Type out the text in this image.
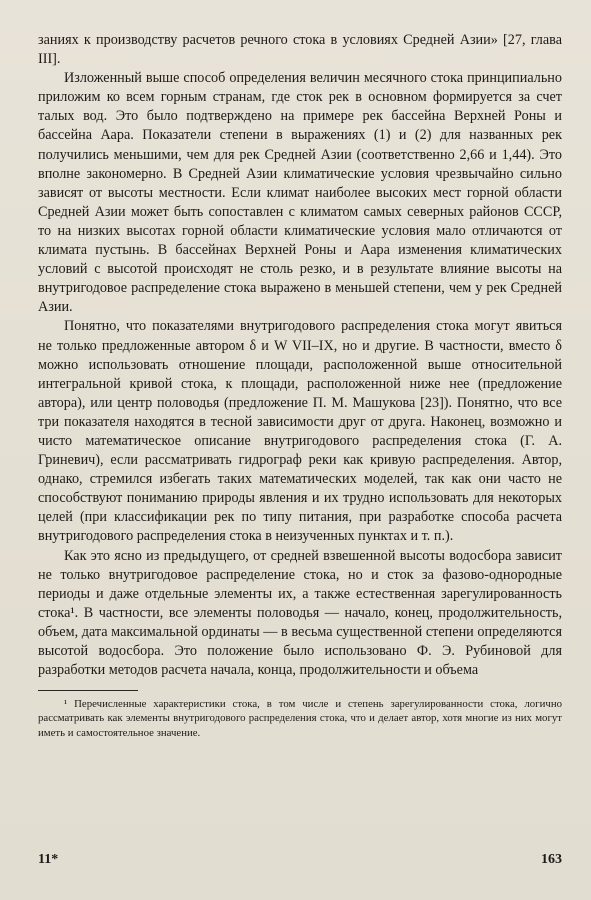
заниях к производству расчетов речного стока в условиях Средней Азии» [27, глава III].

Изложенный выше способ определения величин месячного стока принципиально приложим ко всем горным странам, где сток рек в основном формируется за счет талых вод. Это было подтверждено на примере рек бассейна Верхней Роны и бассейна Аара. Показатели степени в выражениях (1) и (2) для названных рек получились меньшими, чем для рек Средней Азии (соответственно 2,66 и 1,44). Это вполне закономерно. В Средней Азии климатические условия чрезвычайно сильно зависят от высоты местности. Если климат наиболее высоких мест горной области Средней Азии может быть сопоставлен с климатом самых северных районов СССР, то на низких высотах горной области климатические условия мало отличаются от климата пустынь. В бассейнах Верхней Роны и Аара изменения климатических условий с высотой происходят не столь резко, и в результате влияние высоты на внутригодовое распределение стока выражено в меньшей степени, чем у рек Средней Азии.

Понятно, что показателями внутригодового распределения стока могут явиться не только предложенные автором δ и W VII–IX, но и другие. В частности, вместо δ можно использовать отношение площади, расположенной выше относительной интегральной кривой стока, к площади, расположенной ниже нее (предложение автора), или центр половодья (предложение П. М. Машукова [23]). Понятно, что все три показателя находятся в тесной зависимости друг от друга. Наконец, возможно и чисто математическое описание внутригодового распределения стока (Г. А. Гриневич), если рассматривать гидрограф реки как кривую распределения. Автор, однако, стремился избегать таких математических моделей, так как они часто не способствуют пониманию природы явления и их трудно использовать для некоторых целей (при классификации рек по типу питания, при разработке способа расчета внутригодового распределения стока в неизученных пунктах и т. п.).

Как это ясно из предыдущего, от средней взвешенной высоты водосбора зависит не только внутригодовое распределение стока, но и сток за фазово-однородные периоды и даже отдельные элементы их, а также естественная зарегулированность стока¹. В частности, все элементы половодья — начало, конец, продолжительность, объем, дата максимальной ординаты — в весьма существенной степени определяются высотой водосбора. Это положение было использовано Ф. Э. Рубиновой для разработки методов расчета начала, конца, продолжительности и объема

¹ Перечисленные характеристики стока, в том числе и степень зарегулированности стока, логично рассматривать как элементы внутригодового распределения стока, что и делает автор, хотя многие из них могут иметь и самостоятельное значение.

11*	163
